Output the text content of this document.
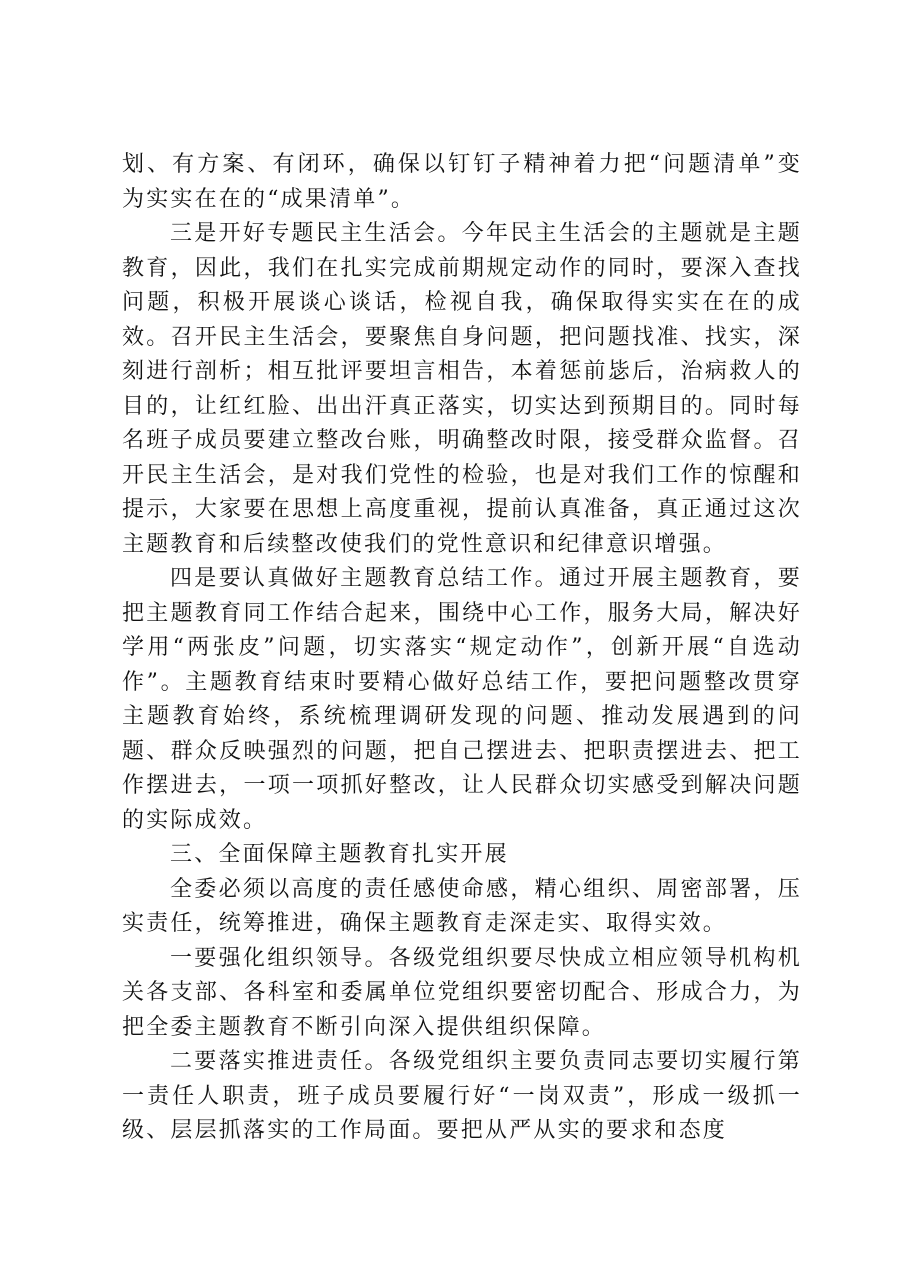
划、有方案、有闭环，确保以钉钉子精神着力把“问题清单”变为实实在在的“成果清单”。

三是开好专题民主生活会。今年民主生活会的主题就是主题教育，因此，我们在扎实完成前期规定动作的同时，要深入查找问题，积极开展谈心谈话，检视自我，确保取得实实在在的成效。召开民主生活会，要聚焦自身问题，把问题找准、找实，深刻进行剖析；相互批评要坦言相告，本着惩前毖后，治病救人的目的，让红红脸、出出汗真正落实，切实达到预期目的。同时每名班子成员要建立整改台账，明确整改时限，接受群众监督。召开民主生活会，是对我们党性的检验，也是对我们工作的惊醒和提示，大家要在思想上高度重视，提前认真准备，真正通过这次主题教育和后续整改使我们的党性意识和纪律意识增强。

四是要认真做好主题教育总结工作。通过开展主题教育，要把主题教育同工作结合起来，围绕中心工作，服务大局，解决好学用“两张皮”问题，切实落实“规定动作”，创新开展“自选动作”。主题教育结束时要精心做好总结工作，要把问题整改贯穿主题教育始终，系统梳理调研发现的问题、推动发展遇到的问题、群众反映强烈的问题，把自己摆进去、把职责摆进去、把工作摆进去，一项一项抓好整改，让人民群众切实感受到解决问题的实际成效。

三、全面保障主题教育扎实开展

全委必须以高度的责任感使命感，精心组织、周密部署，压实责任，统筹推进，确保主题教育走深走实、取得实效。

一要强化组织领导。各级党组织要尽快成立相应领导机构机关各支部、各科室和委属单位党组织要密切配合、形成合力，为把全委主题教育不断引向深入提供组织保障。

二要落实推进责任。各级党组织主要负责同志要切实履行第一责任人职责，班子成员要履行好“一岗双责”，形成一级抓一级、层层抓落实的工作局面。要把从严从实的要求和态度
